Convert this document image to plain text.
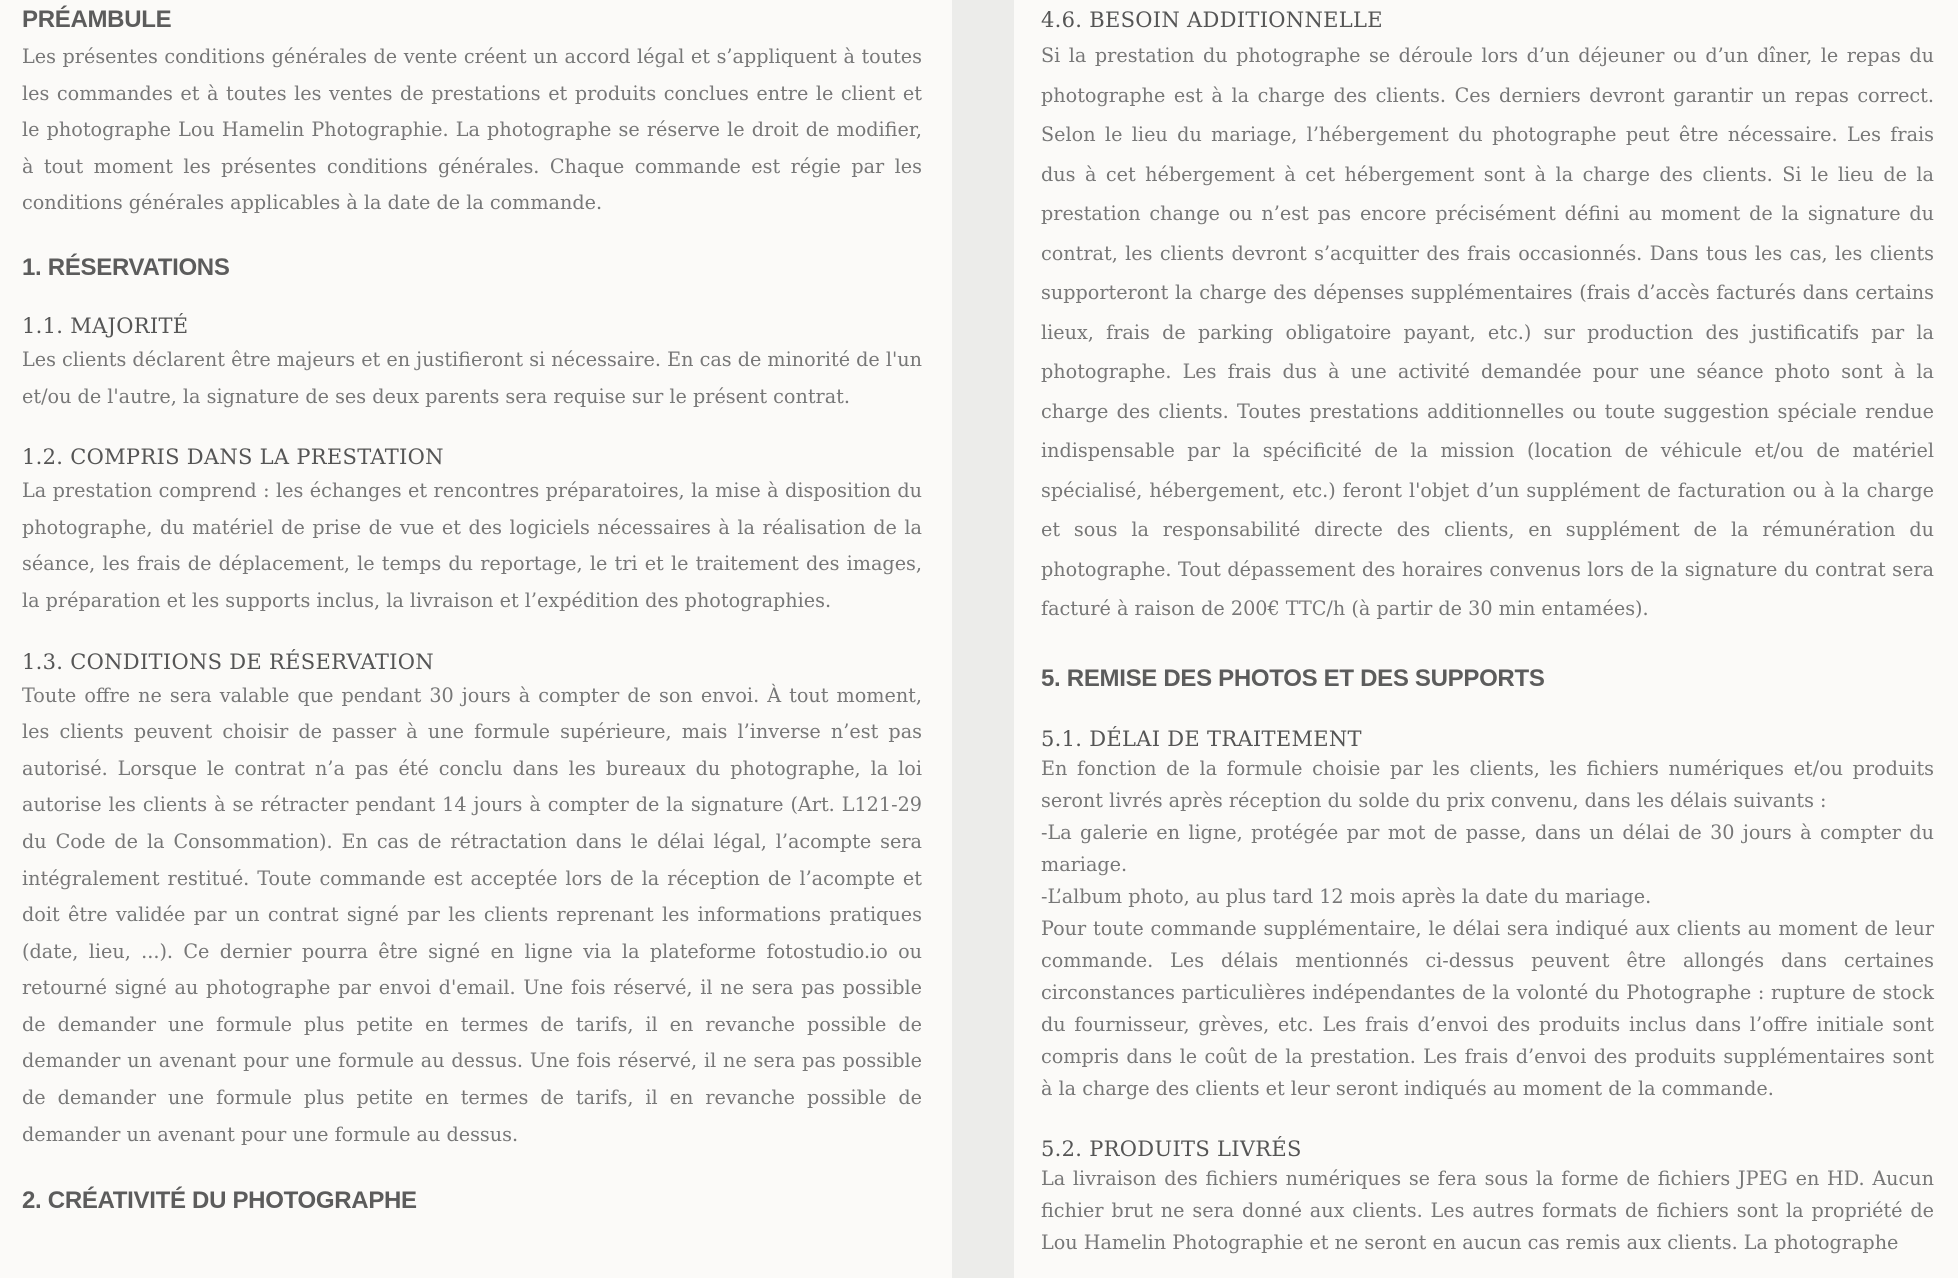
PRÉAMBULE

Les présentes conditions générales de vente créent un accord légal et s’appliquent à toutes les commandes et à toutes les ventes de prestations et produits conclues entre le client et le photographe Lou Hamelin Photographie. La photographe se réserve le droit de modifier, à tout moment les présentes conditions générales. Chaque commande est régie par les conditions générales applicables à la date de la commande.

1. RÉSERVATIONS
1.1. MAJORITÉ

Les clients déclarent être majeurs et en justifieront si nécessaire. En cas de minorité de l'un et/ou de l'autre, la signature de ses deux parents sera requise sur le présent contrat.

1.2. COMPRIS DANS LA PRESTATION

La prestation comprend : les échanges et rencontres préparatoires, la mise à disposition du photographe, du matériel de prise de vue et des logiciels nécessaires à la réalisation de la séance, les frais de déplacement, le temps du reportage, le tri et le traitement des images, la préparation et les supports inclus, la livraison et l’expédition des photographies.

1.3. CONDITIONS DE RÉSERVATION

Toute offre ne sera valable que pendant 30 jours à compter de son envoi. À tout moment, les clients peuvent choisir de passer à une formule supérieure, mais l’inverse n’est pas autorisé. Lorsque le contrat n’a pas été conclu dans les bureaux du photographe, la loi autorise les clients à se rétracter pendant 14 jours à compter de la signature (Art. L121-29 du Code de la Consommation). En cas de rétractation dans le délai légal, l’acompte sera intégralement restitué. Toute commande est acceptée lors de la réception de l’acompte et doit être validée par un contrat signé par les clients reprenant les informations pratiques (date, lieu, ...). Ce dernier pourra être signé en ligne via la plateforme fotostudio.io ou retourné signé au photographe par envoi d'email. Une fois réservé, il ne sera pas possible de demander une formule plus petite en termes de tarifs, il en revanche possible de demander un avenant pour une formule au dessus. Une fois réservé, il ne sera pas possible de demander une formule plus petite en termes de tarifs, il en revanche possible de demander un avenant pour une formule au dessus.

2. CRÉATIVITÉ DU PHOTOGRAPHE
4.6. BESOIN ADDITIONNELLE

Si la prestation du photographe se déroule lors d’un déjeuner ou d’un dîner, le repas du photographe est à la charge des clients. Ces derniers devront garantir un repas correct. Selon le lieu du mariage, l’hébergement du photographe peut être nécessaire. Les frais dus à cet hébergement à cet hébergement sont à la charge des clients. Si le lieu de la prestation change ou n’est pas encore précisément défini au moment de la signature du contrat, les clients devront s’acquitter des frais occasionnés. Dans tous les cas, les clients supporteront la charge des dépenses supplémentaires (frais d’accès facturés dans certains lieux, frais de parking obligatoire payant, etc.) sur production des justificatifs par la photographe. Les frais dus à une activité demandée pour une séance photo sont à la charge des clients. Toutes prestations additionnelles ou toute suggestion spéciale rendue indispensable par la spécificité de la mission (location de véhicule et/ou de matériel spécialisé, hébergement, etc.) feront l'objet d’un supplément de facturation ou à la charge et sous la responsabilité directe des clients, en supplément de la rémunération du photographe. Tout dépassement des horaires convenus lors de la signature du contrat sera facturé à raison de 200€ TTC/h (à partir de 30 min entamées).

5. REMISE DES PHOTOS ET DES SUPPORTS
5.1. DÉLAI DE TRAITEMENT

En fonction de la formule choisie par les clients, les fichiers numériques et/ou produits seront livrés après réception du solde du prix convenu, dans les délais suivants :

-La galerie en ligne, protégée par mot de passe, dans un délai de 30 jours à compter du mariage.

-L’album photo, au plus tard 12 mois après la date du mariage.

Pour toute commande supplémentaire, le délai sera indiqué aux clients au moment de leur commande. Les délais mentionnés ci-dessus peuvent être allongés dans certaines circonstances particulières indépendantes de la volonté du Photographe : rupture de stock du fournisseur, grèves, etc. Les frais d’envoi des produits inclus dans l’offre initiale sont compris dans le coût de la prestation. Les frais d’envoi des produits supplémentaires sont à la charge des clients et leur seront indiqués au moment de la commande.

5.2. PRODUITS LIVRÉS

La livraison des fichiers numériques se fera sous la forme de fichiers JPEG en HD. Aucun fichier brut ne sera donné aux clients. Les autres formats de fichiers sont la propriété de Lou Hamelin Photographie et ne seront en aucun cas remis aux clients. La photographe
